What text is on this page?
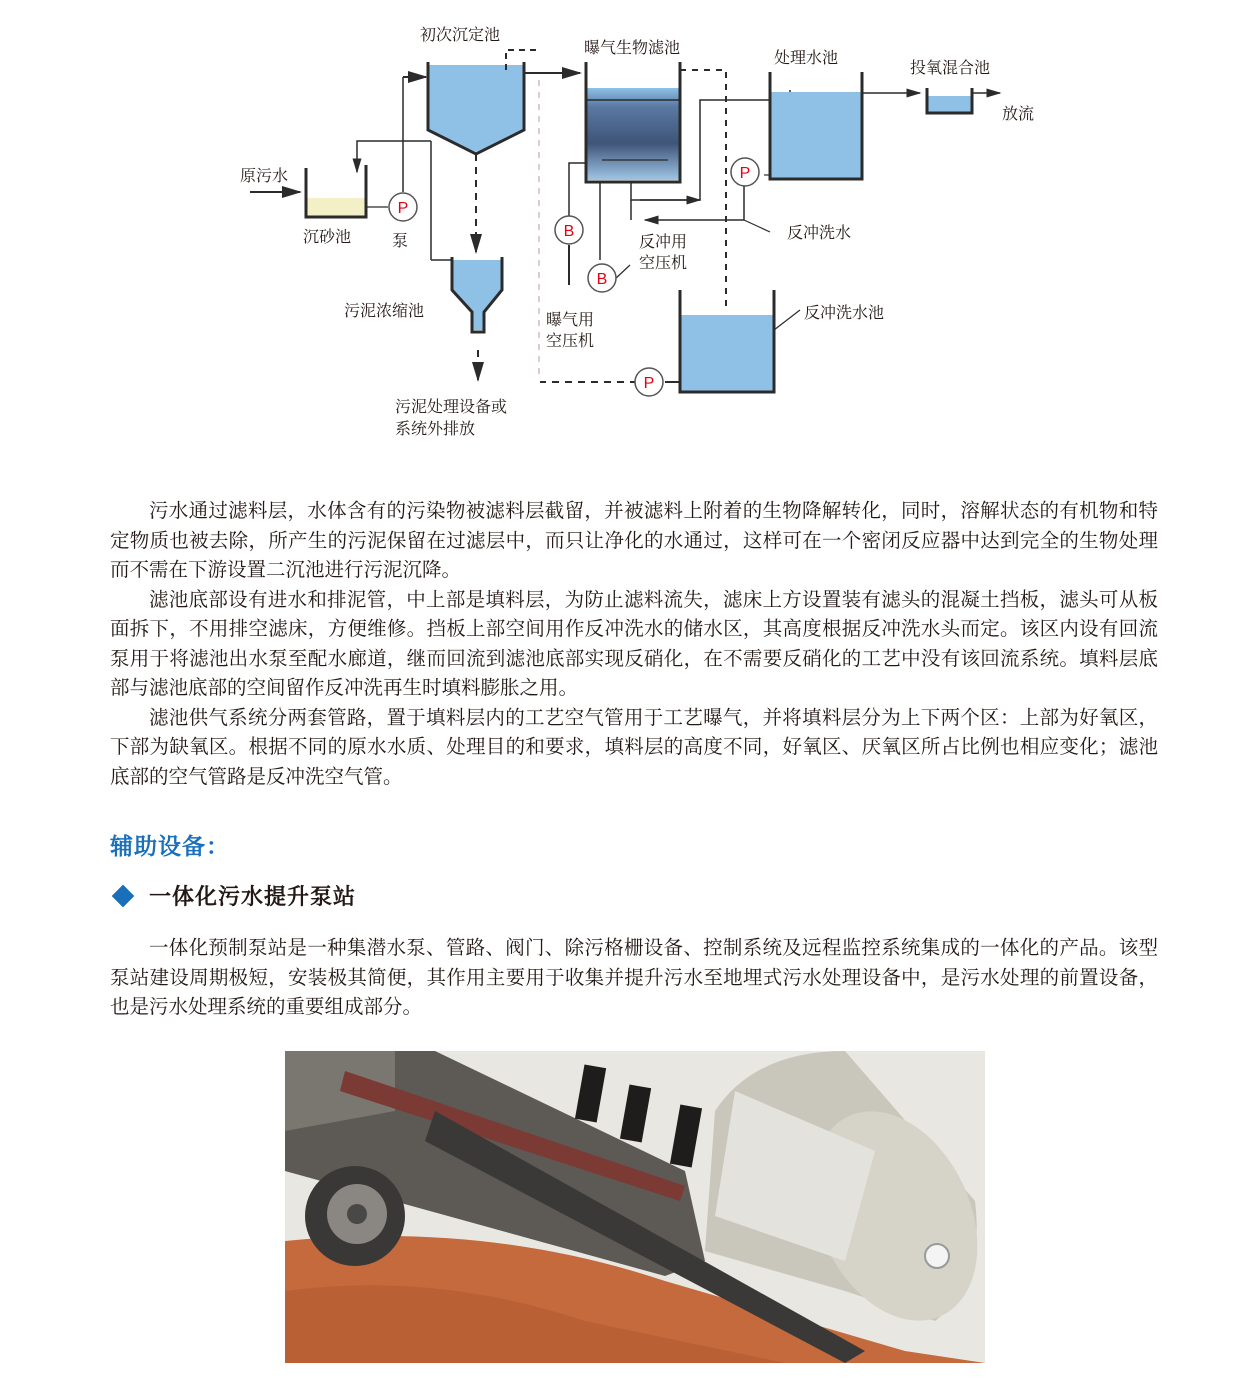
P
P
B
B
P
原污水
沉砂池	泵
初次沉定池
曝气生物滤池
处理水池
投氧混合池
放流
反冲洗水
反冲用
空压机
曝气用
空压机
污泥浓缩池	反冲洗水池
污泥处理设备或
系统外排放

污水通过滤料层，水体含有的污染物被滤料层截留，并被滤料上附着的生物降解转化，同时，溶解状态的有机物和特定物质也被去除，所产生的污泥保留在过滤层中，而只让净化的水通过，这样可在一个密闭反应器中达到完全的生物处理而不需在下游设置二沉池进行污泥沉降。

滤池底部设有进水和排泥管，中上部是填料层，为防止滤料流失，滤床上方设置装有滤头的混凝土挡板，滤头可从板面拆下，不用排空滤床，方便维修。挡板上部空间用作反冲洗水的储水区，其高度根据反冲洗水头而定。该区内设有回流泵用于将滤池出水泵至配水廊道，继而回流到滤池底部实现反硝化，在不需要反硝化的工艺中没有该回流系统。填料层底部与滤池底部的空间留作反冲洗再生时填料膨胀之用。

滤池供气系统分两套管路，置于填料层内的工艺空气管用于工艺曝气，并将填料层分为上下两个区：上部为好氧区，下部为缺氧区。根据不同的原水水质、处理目的和要求，填料层的高度不同，好氧区、厌氧区所占比例也相应变化；滤池底部的空气管路是反冲洗空气管。

辅助设备：
一体化污水提升泵站

一体化预制泵站是一种集潜水泵、管路、阀门、除污格栅设备、控制系统及远程监控系统集成的一体化的产品。该型泵站建设周期极短，安装极其简便，其作用主要用于收集并提升污水至地埋式污水处理设备中，是污水处理的前置设备，也是污水处理系统的重要组成部分。
